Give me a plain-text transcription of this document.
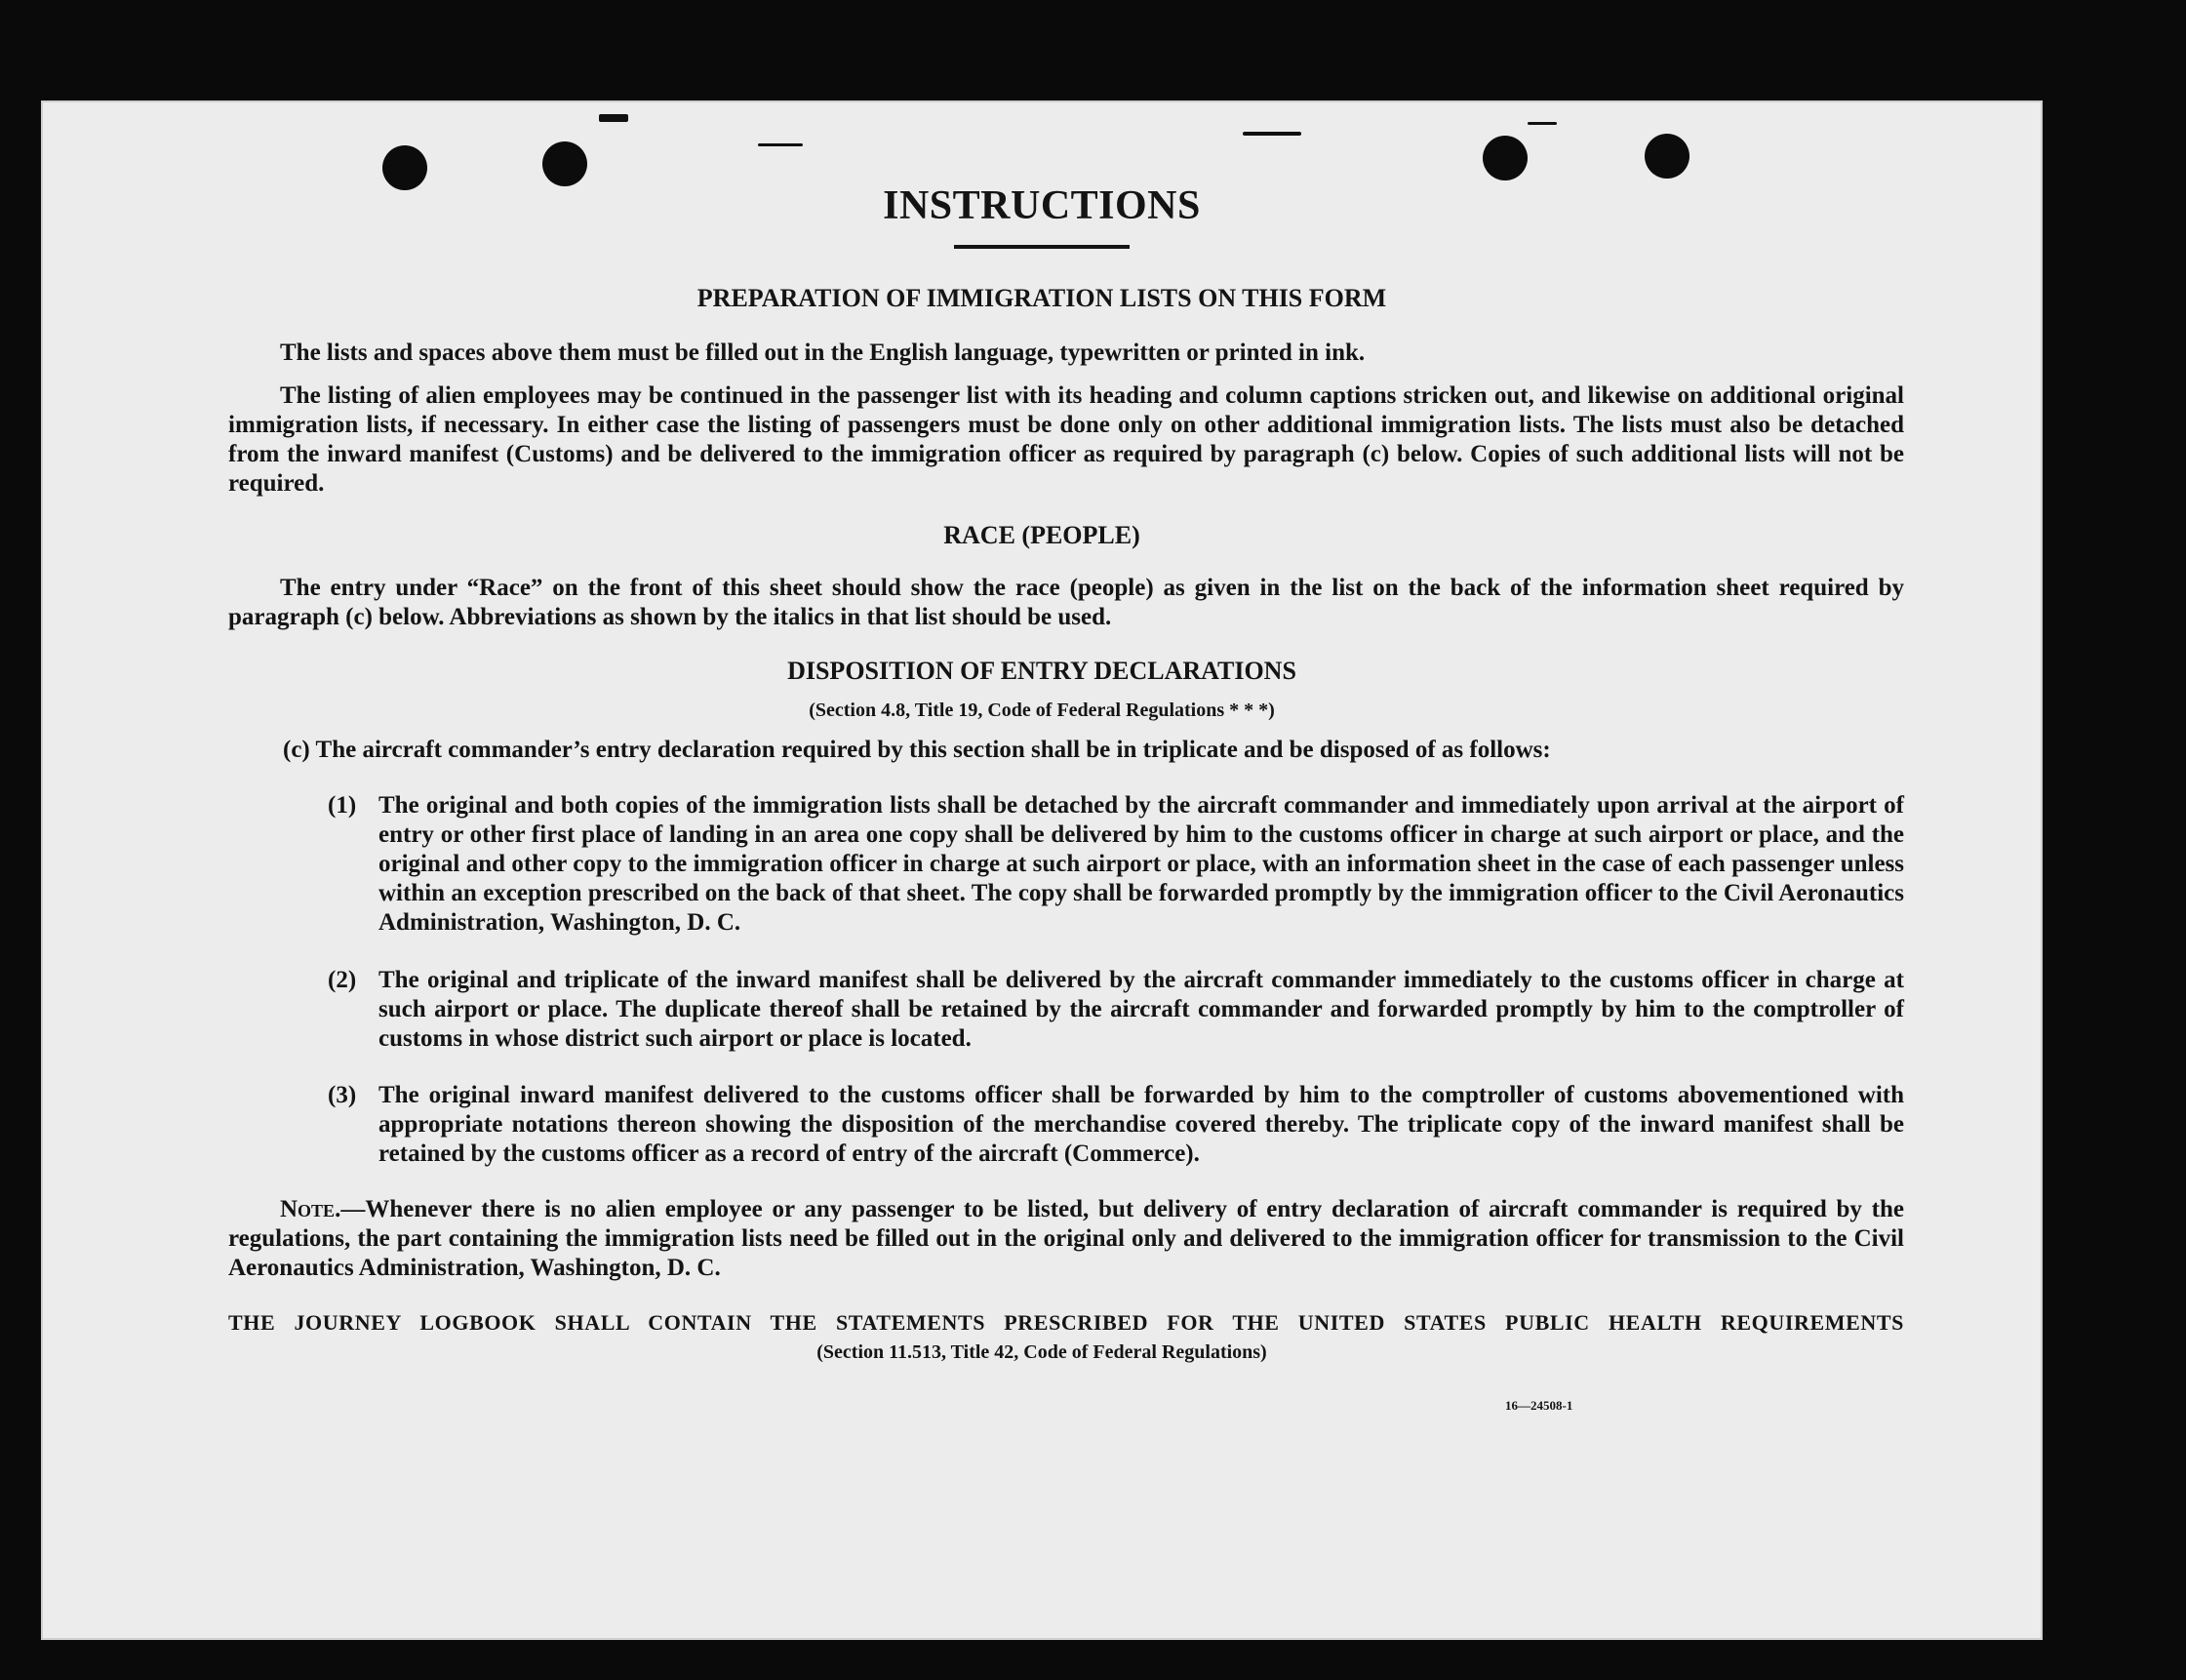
INSTRUCTIONS
PREPARATION OF IMMIGRATION LISTS ON THIS FORM
The lists and spaces above them must be filled out in the English language, typewritten or printed in ink.
The listing of alien employees may be continued in the passenger list with its heading and column captions stricken out, and likewise on additional original immigration lists, if necessary. In either case the listing of passengers must be done only on other additional immigration lists. The lists must also be detached from the inward manifest (Customs) and be delivered to the immigration officer as required by paragraph (c) below. Copies of such additional lists will not be required.
RACE (PEOPLE)
The entry under “Race” on the front of this sheet should show the race (people) as given in the list on the back of the information sheet required by paragraph (c) below. Abbreviations as shown by the italics in that list should be used.
DISPOSITION OF ENTRY DECLARATIONS
(Section 4.8, Title 19, Code of Federal Regulations * * *)
(c) The aircraft commander’s entry declaration required by this section shall be in triplicate and be disposed of as follows:
(1) The original and both copies of the immigration lists shall be detached by the aircraft commander and immediately upon arrival at the airport of entry or other first place of landing in an area one copy shall be delivered by him to the customs officer in charge at such airport or place, and the original and other copy to the immigration officer in charge at such airport or place, with an information sheet in the case of each passenger unless within an exception prescribed on the back of that sheet. The copy shall be forwarded promptly by the immigration officer to the Civil Aeronautics Administration, Washington, D. C.
(2) The original and triplicate of the inward manifest shall be delivered by the aircraft commander immediately to the customs officer in charge at such airport or place. The duplicate thereof shall be retained by the aircraft commander and forwarded promptly by him to the comptroller of customs in whose district such airport or place is located.
(3) The original inward manifest delivered to the customs officer shall be forwarded by him to the comptroller of customs abovementioned with appropriate notations thereon showing the disposition of the merchandise covered thereby. The triplicate copy of the inward manifest shall be retained by the customs officer as a record of entry of the aircraft (Commerce).
Note.—Whenever there is no alien employee or any passenger to be listed, but delivery of entry declaration of aircraft commander is required by the regulations, the part containing the immigration lists need be filled out in the original only and delivered to the immigration officer for transmission to the Civil Aeronautics Administration, Washington, D. C.
THE JOURNEY LOGBOOK SHALL CONTAIN THE STATEMENTS PRESCRIBED FOR THE UNITED STATES PUBLIC HEALTH REQUIREMENTS
(Section 11.513, Title 42, Code of Federal Regulations)
16—24508-1
